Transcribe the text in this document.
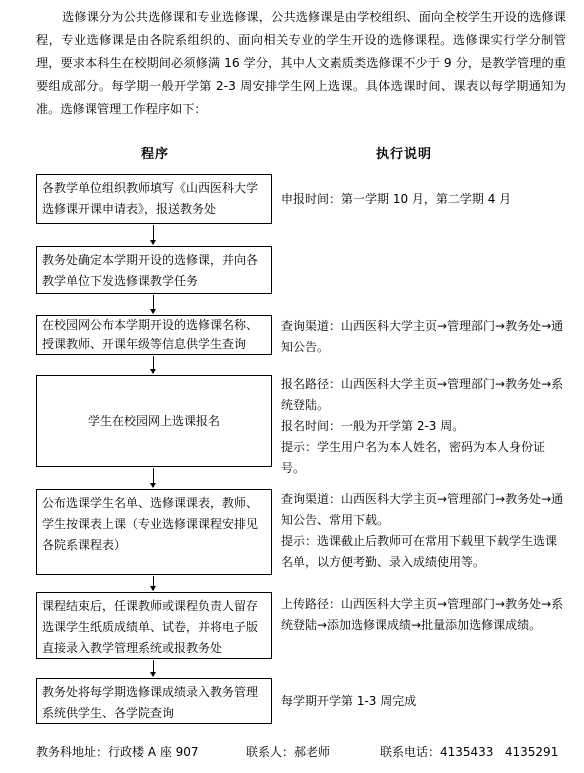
选修课分为公共选修课和专业选修课，公共选修课是由学校组织、面向全校学生开设的选修课程，专业选修课是由各院系组织的、面向相关专业的学生开设的选修课程。选修课实行学分制管理，要求本科生在校期间必须修满 16 学分，其中人文素质类选修课不少于 9 分，是教学管理的重要组成部分。每学期一般开学第 2-3 周安排学生网上选课。具体选课时间、课表以每学期通知为准。选修课管理工作程序如下：

程序	执行说明
各教学单位组织教师填写《山西医科大学选修课开课申请表》，报送教务处

申报时间：第一学期 10 月，第二学期 4 月

教务处确定本学期开设的选修课，并向各教学单位下发选修课教学任务
在校园网公布本学期开设的选修课名称、授课教师、开课年级等信息供学生查询

查询渠道：山西医科大学主页→管理部门→教务处→通知公告。

学生在校园网上选课报名

报名路径：山西医科大学主页→管理部门→教务处→系统登陆。

报名时间：一般为开学第 2-3 周。

提示：学生用户名为本人姓名，密码为本人身份证号。

公布选课学生名单、选修课课表，教师、学生按课表上课（专业选修课课程安排见各院系课程表）

查询渠道：山西医科大学主页→管理部门→教务处→通知公告、常用下载。

提示：选课截止后教师可在常用下载里下载学生选课名单，以方便考勤、录入成绩使用等。

课程结束后，任课教师或课程负责人留存选课学生纸质成绩单、试卷，并将电子版直接录入教学管理系统或报教务处

上传路径：山西医科大学主页→管理部门→教务处→系统登陆→添加选修课成绩→批量添加选修课成绩。

教务处将每学期选修课成绩录入教务管理系统供学生、各学院查询

每学期开学第 1-3 周完成

教务科地址：行政楼 A 座 907	联系人：郝老师	联系电话：4135433   4135291
